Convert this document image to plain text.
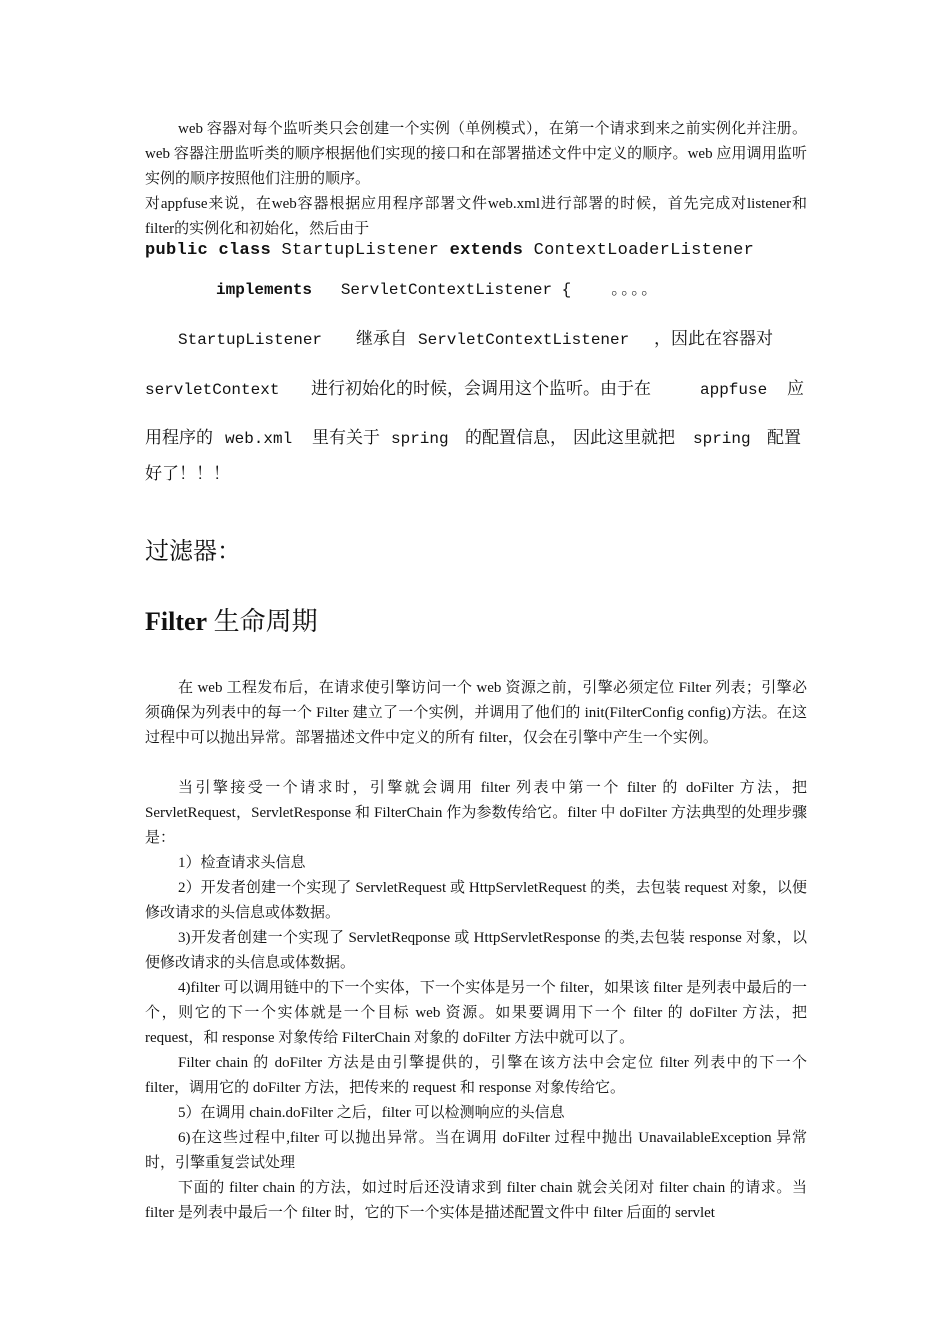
web 容器对每个监听类只会创建一个实例（单例模式），在第一个请求到来之前实例化并注册。web 容器注册监听类的顺序根据他们实现的接口和在部署描述文件中定义的顺序。web 应用调用监听实例的顺序按照他们注册的顺序。

对appfuse来说，在web容器根据应用程序部署文件web.xml进行部署的时候，首先完成对listener和filter的实例化和初始化，然后由于

public class StartupListener extends ContextLoaderListener
implements ServletContextListener {	。。。。
StartupListener 继承自 ServletContextListener ，因此在容器对
servletContext 进行初始化的时候，会调用这个监听。由于在	appfuse 应
用程序的 web.xml 里有关于 spring 的配置信息， 因此这里就把 spring 配置
好了！！！
过滤器：
Filter 生命周期

在 web 工程发布后，在请求使引擎访问一个 web 资源之前，引擎必须定位 Filter 列表；引擎必须确保为列表中的每一个 Filter 建立了一个实例，并调用了他们的 init(FilterConfig config)方法。在这过程中可以抛出异常。部署描述文件中定义的所有 filter，仅会在引擎中产生一个实例。

当引擎接受一个请求时，引擎就会调用 filter 列表中第一个 filter 的 doFilter 方法，把 ServletRequest，ServletResponse 和 FilterChain 作为参数传给它。filter 中 doFilter 方法典型的处理步骤是：

1）检查请求头信息

2）开发者创建一个实现了 ServletRequest 或 HttpServletRequest 的类，去包装 request 对象，以便修改请求的头信息或体数据。

3)开发者创建一个实现了 ServletReqponse 或 HttpServletResponse 的类,去包装 response 对象，以便修改请求的头信息或体数据。

4)filter 可以调用链中的下一个实体，下一个实体是另一个 filter，如果该 filter 是列表中最后的一个，则它的下一个实体就是一个目标 web 资源。如果要调用下一个 filter 的 doFilter 方法，把 request，和 response 对象传给 FilterChain 对象的 doFilter 方法中就可以了。

Filter chain 的 doFilter 方法是由引擎提供的，引擎在该方法中会定位 filter 列表中的下一个 filter，调用它的 doFilter 方法，把传来的 request 和 response 对象传给它。

5）在调用 chain.doFilter 之后，filter 可以检测响应的头信息

6)在这些过程中,filter 可以抛出异常。当在调用 doFilter 过程中抛出 UnavailableException 异常时，引擎重复尝试处理

下面的 filter chain 的方法，如过时后还没请求到 filter chain 就会关闭对 filter chain 的请求。当 filter 是列表中最后一个 filter 时，它的下一个实体是描述配置文件中 filter 后面的 servlet
